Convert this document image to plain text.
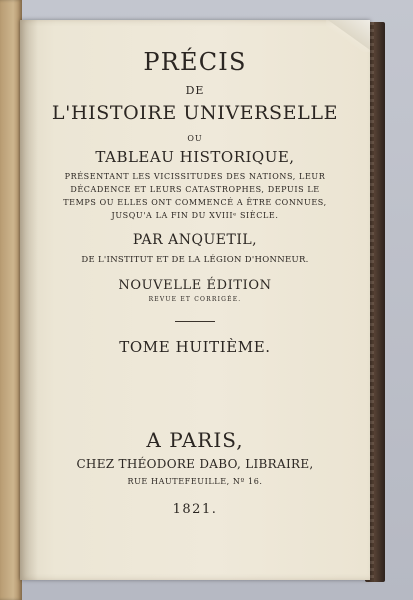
PRÉCIS
DE
L'HISTOIRE UNIVERSELLE
OU
TABLEAU HISTORIQUE,
PRÉSENTANT LES VICISSITUDES DES NATIONS, LEUR
DÉCADENCE ET LEURS CATASTROPHES, DEPUIS LE
TEMPS OU ELLES ONT COMMENCÉ A ÊTRE CONNUES,
JUSQU'A LA FIN DU XVIIIᵉ SIÈCLE.
PAR ANQUETIL,
DE L'INSTITUT ET DE LA LÉGION D'HONNEUR.
NOUVELLE ÉDITION
REVUE ET CORRIGÉE.
TOME HUITIÈME.
A PARIS,
CHEZ THÉODORE DABO, LIBRAIRE,
RUE HAUTEFEUILLE, Nº 16.
1821.
